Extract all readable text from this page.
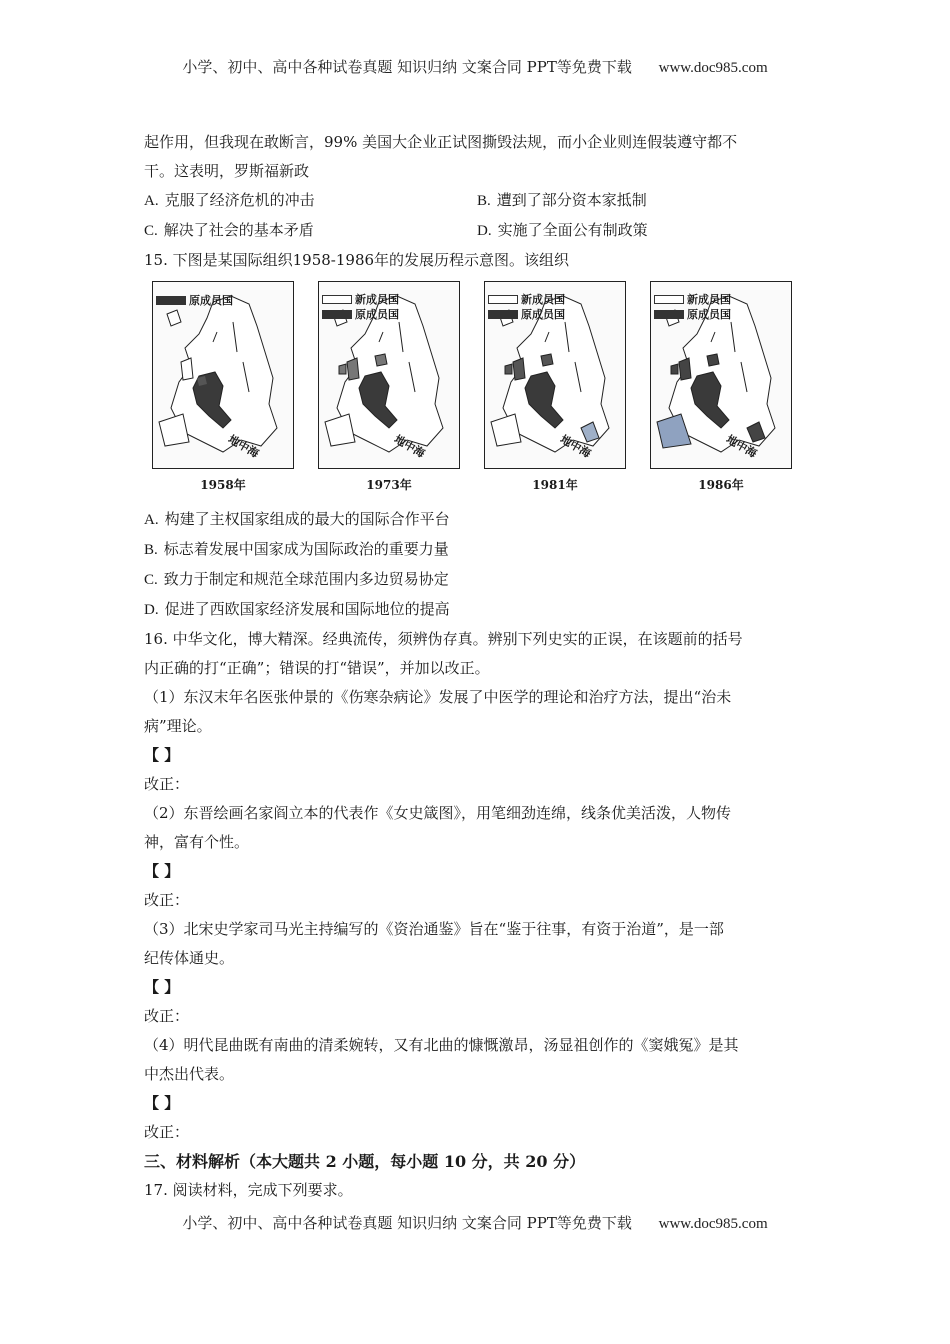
小学、初中、高中各种试卷真题 知识归纳 文案合同 PPT等免费下载 www.doc985.com
起作用，但我现在敢断言，99% 美国大企业正试图撕毁法规，而小企业则连假装遵守都不
干。这表明，罗斯福新政
A. 克服了经济危机的冲击	B. 遭到了部分资本家抵制
C. 解决了社会的基本矛盾	D. 实施了全面公有制政策
15. 下图是某国际组织1958-1986年的发展历程示意图。该组织
原成员国
地中海
1958年
新成员国
原成员国
地中海
1973年
新成员国
原成员国
地中海
1981年
新成员国
原成员国
地中海
1986年
A. 构建了主权国家组成的最大的国际合作平台
B. 标志着发展中国家成为国际政治的重要力量
C. 致力于制定和规范全球范围内多边贸易协定
D. 促进了西欧国家经济发展和国际地位的提高
16. 中华文化，博大精深。经典流传，须辨伪存真。辨别下列史实的正误，在该题前的括号
内正确的打“正确”；错误的打“错误”，并加以改正。
（1）东汉末年名医张仲景的《伤寒杂病论》发展了中医学的理论和治疗方法，提出“治未
病”理论。
【 】
改正：
（2）东晋绘画名家阎立本的代表作《女史箴图》，用笔细劲连绵，线条优美活泼，人物传
神，富有个性。
【 】
改正：
（3）北宋史学家司马光主持编写的《资治通鉴》旨在“鉴于往事，有资于治道”，是一部
纪传体通史。
【 】
改正：
（4）明代昆曲既有南曲的清柔婉转，又有北曲的慷慨激昂，汤显祖创作的《窦娥冤》是其
中杰出代表。
【 】
改正：
三、材料解析（本大题共 2 小题，每小题 10 分，共 20 分）
17. 阅读材料，完成下列要求。
小学、初中、高中各种试卷真题 知识归纳 文案合同 PPT等免费下载 www.doc985.com
